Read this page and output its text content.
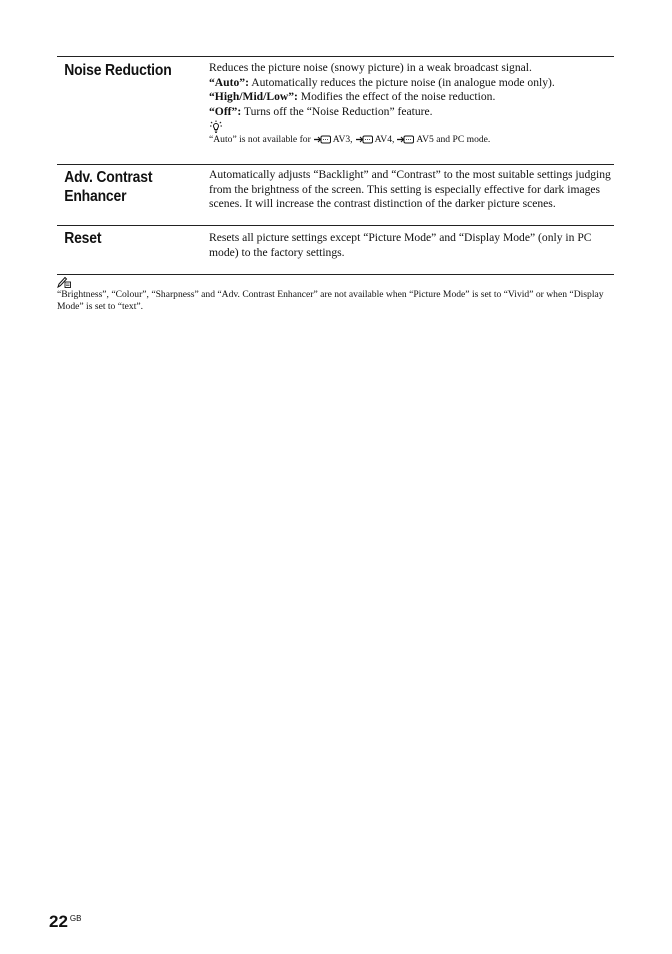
Noise Reduction	Reduces the picture noise (snowy picture) in a weak broadcast signal.

“Auto”: Automatically reduces the picture noise (in analogue mode only).

“High/Mid/Low”: Modifies the effect of the noise reduction.

“Off”: Turns off the “Noise Reduction” feature.

“Auto” is not available for AV3, AV4, AV5 and PC mode.
Adv. Contrast
Enhancer

Automatically adjusts “Backlight” and “Contrast” to the most suitable settings judging from the brightness of the screen. This setting is especially effective for dark images scenes. It will increase the contrast distinction of the darker picture scenes.

Reset	Resets all picture settings except “Picture Mode” and “Display Mode” (only in PC mode) to the factory settings.

“Brightness”, “Colour”, “Sharpness” and “Adv. Contrast Enhancer” are not available when “Picture Mode” is set to “Vivid” or when “Display Mode” is set to “text”.

22 $^{GB}$
